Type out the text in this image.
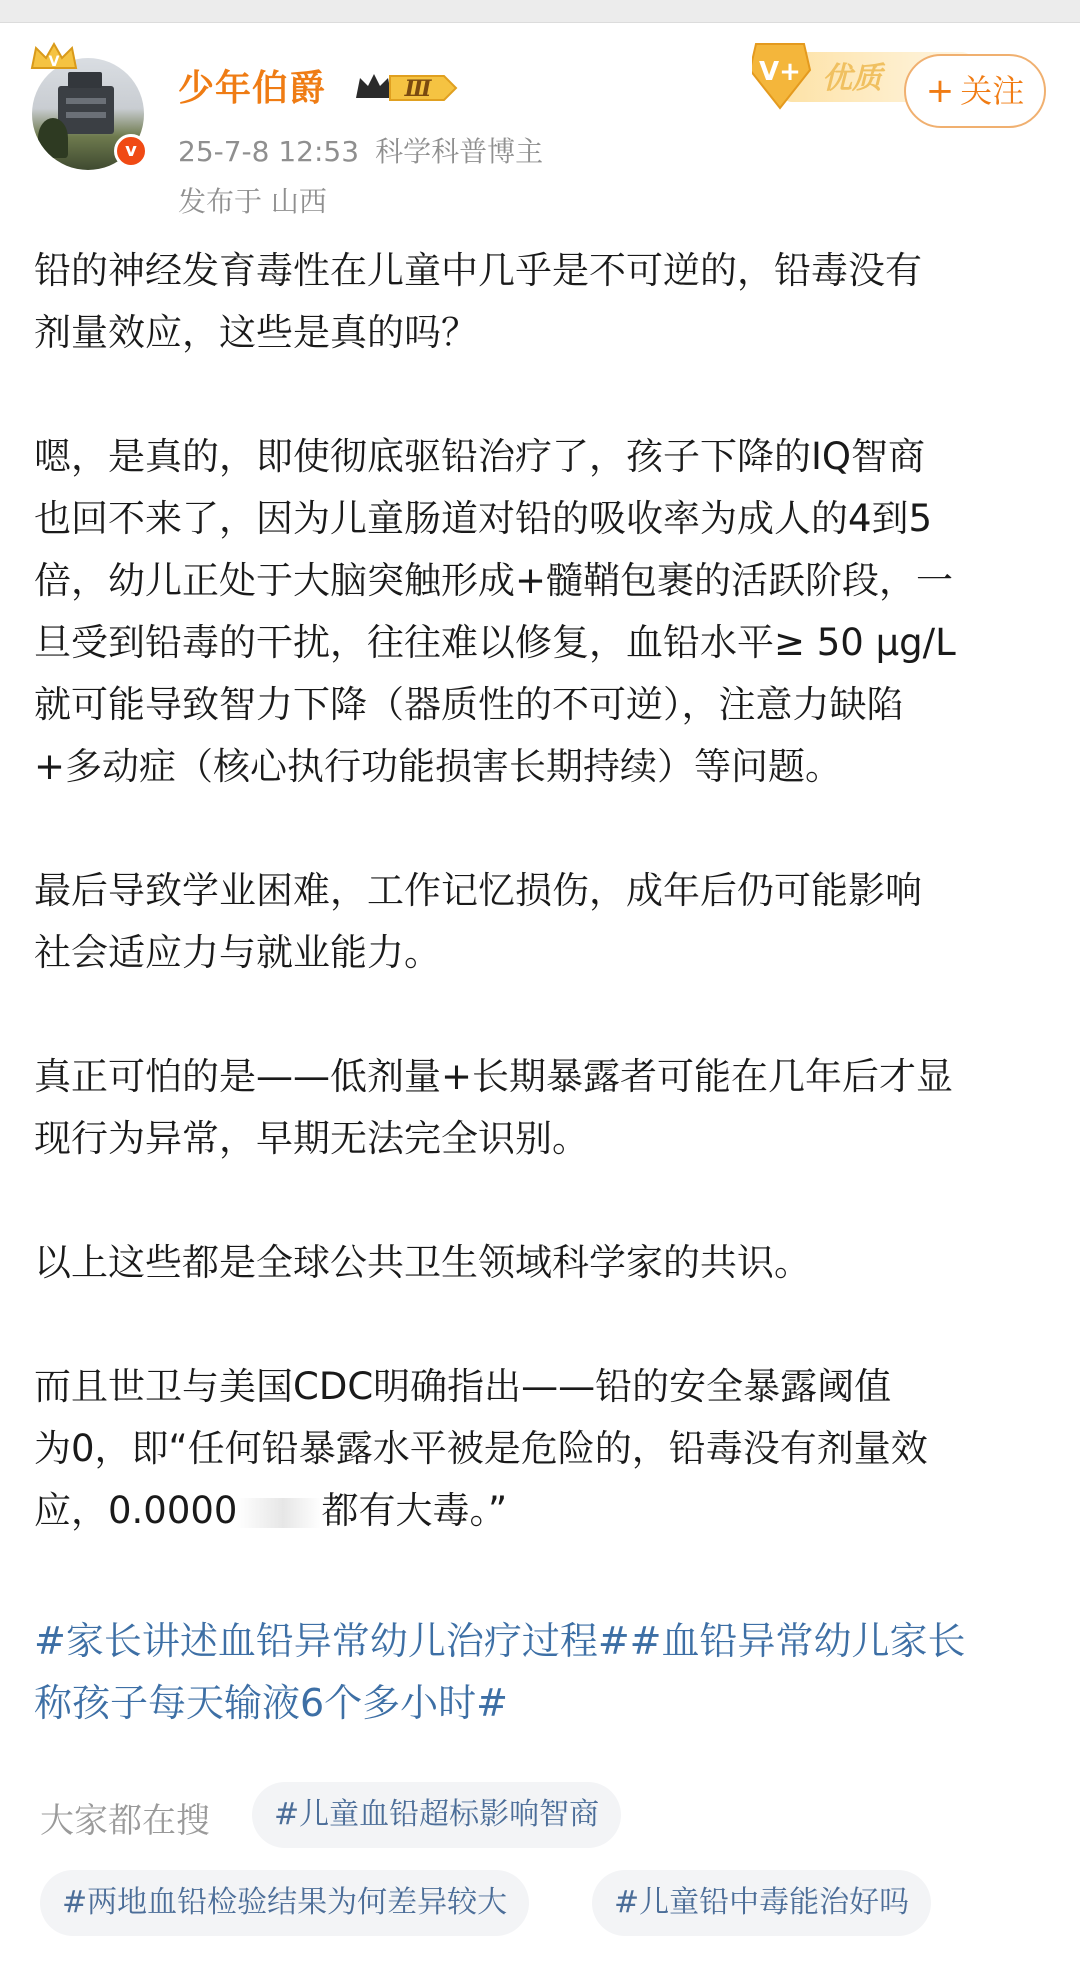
V
v
少年伯爵	Ⅲ
25-7-8 12:53 科学科普博主
发布于 山西
V+ 优质	+ 关注

铅的神经发育毒性在儿童中几乎是不可逆的，铅毒没有
剂量效应，这些是真的吗？

嗯，是真的，即使彻底驱铅治疗了，孩子下降的IQ智商
也回不来了，因为儿童肠道对铅的吸收率为成人的4到5
倍，幼儿正处于大脑突触形成+髓鞘包裹的活跃阶段，一
旦受到铅毒的干扰，往往难以修复，血铅水平≥ 50 μg/L
就可能导致智力下降（器质性的不可逆），注意力缺陷
+多动症（核心执行功能损害长期持续）等问题。

最后导致学业困难，工作记忆损伤，成年后仍可能影响
社会适应力与就业能力。

真正可怕的是——低剂量+长期暴露者可能在几年后才显
现行为异常，早期无法完全识别。

以上这些都是全球公共卫生领域科学家的共识。

而且世卫与美国CDC明确指出——铅的安全暴露阈值
为0，即“任何铅暴露水平被是危险的，铅毒没有剂量效
应，0.0000 都有大毒。”

#家长讲述血铅异常幼儿治疗过程##血铅异常幼儿家长
称孩子每天输液6个多小时#
大家都在搜	#儿童血铅超标影响智商
#两地血铅检验结果为何差异较大	#儿童铅中毒能治好吗
